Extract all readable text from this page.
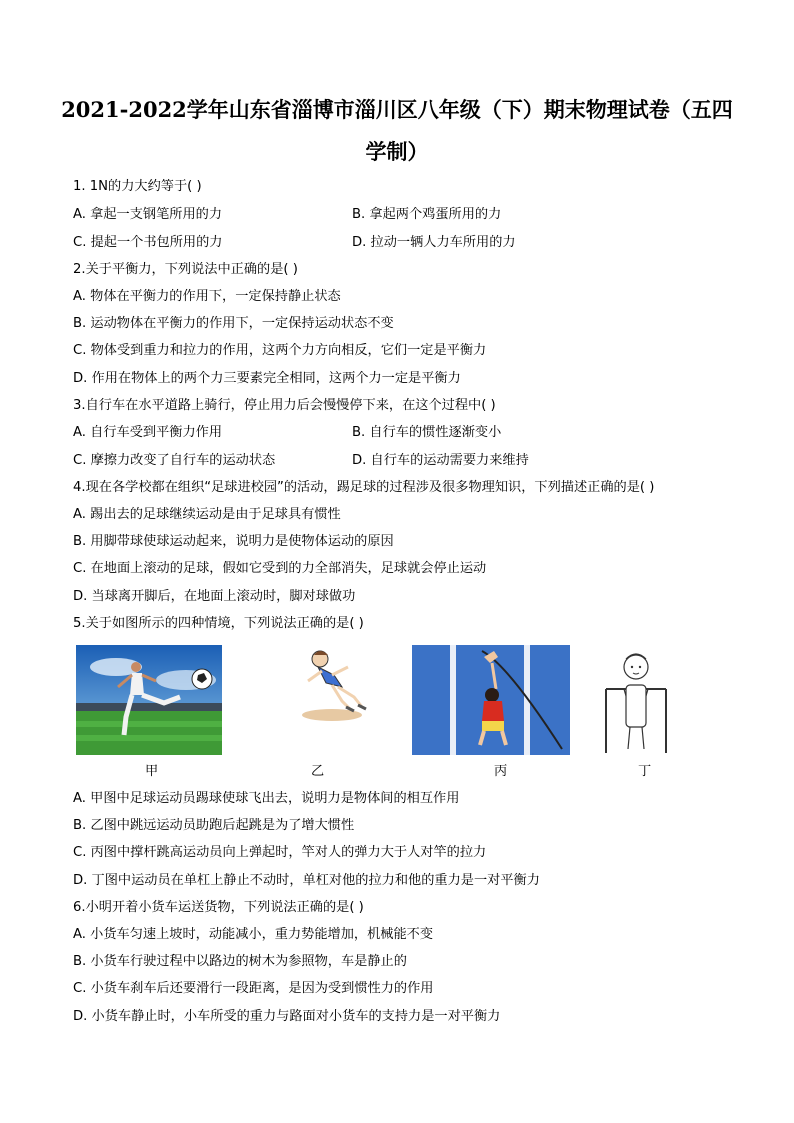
2021-2022学年山东省淄博市淄川区八年级（下）期末物理试卷（五四
学制）
1. 1N的力大约等于( )
A. 拿起一支钢笔所用的力	B. 拿起两个鸡蛋所用的力
C. 提起一个书包所用的力	D. 拉动一辆人力车所用的力
2.关于平衡力，下列说法中正确的是( )
A. 物体在平衡力的作用下，一定保持静止状态
B. 运动物体在平衡力的作用下，一定保持运动状态不变
C. 物体受到重力和拉力的作用，这两个力方向相反，它们一定是平衡力
D. 作用在物体上的两个力三要素完全相同，这两个力一定是平衡力
3.自行车在水平道路上骑行，停止用力后会慢慢停下来，在这个过程中( )
A. 自行车受到平衡力作用	B. 自行车的惯性逐渐变小
C. 摩擦力改变了自行车的运动状态	D. 自行车的运动需要力来维持
4.现在各学校都在组织“足球进校园”的活动，踢足球的过程涉及很多物理知识，下列描述正确的是( )
A. 踢出去的足球继续运动是由于足球具有惯性
B. 用脚带球使球运动起来，说明力是使物体运动的原因
C. 在地面上滚动的足球，假如它受到的力全部消失，足球就会停止运动
D. 当球离开脚后，在地面上滚动时，脚对球做功
5.关于如图所示的四种情境，下列说法正确的是( )
甲	乙	丙	丁
A. 甲图中足球运动员踢球使球飞出去，说明力是物体间的相互作用
B. 乙图中跳远运动员助跑后起跳是为了增大惯性
C. 丙图中撑杆跳高运动员向上弹起时，竿对人的弹力大于人对竿的拉力
D. 丁图中运动员在单杠上静止不动时，单杠对他的拉力和他的重力是一对平衡力
6.小明开着小货车运送货物，下列说法正确的是( )
A. 小货车匀速上坡时，动能减小，重力势能增加，机械能不变
B. 小货车行驶过程中以路边的树木为参照物，车是静止的
C. 小货车刹车后还要滑行一段距离，是因为受到惯性力的作用
D. 小货车静止时，小车所受的重力与路面对小货车的支持力是一对平衡力
